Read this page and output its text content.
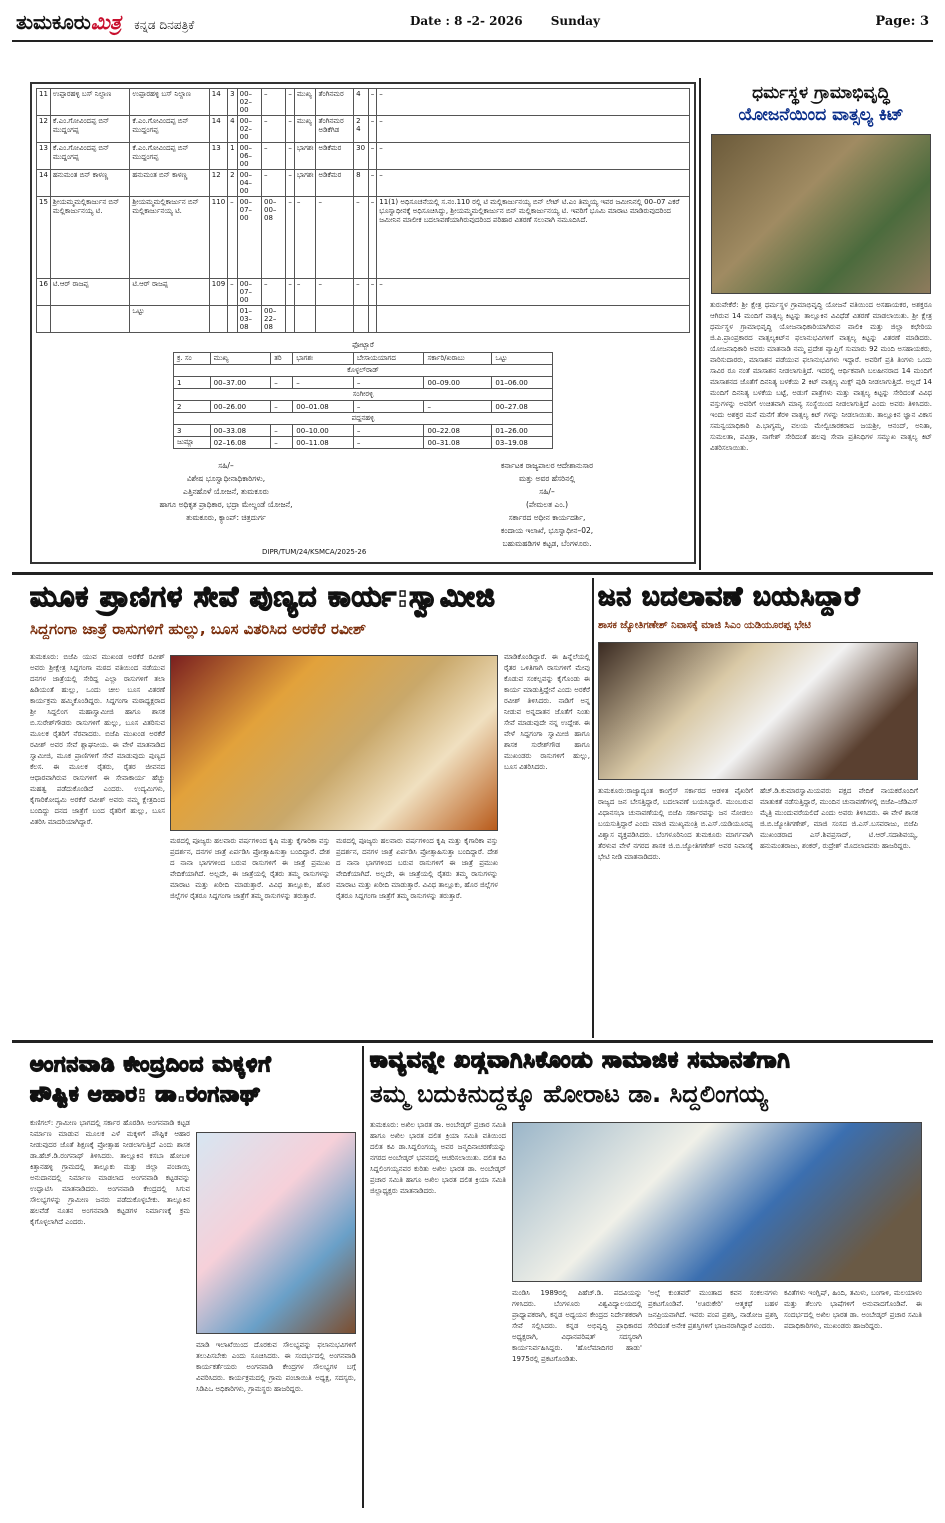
ತುಮಕೂರುಮಿತ್ರ ಕನ್ನಡ ದಿನಪತ್ರಿಕೆ	Date : 8 -2- 2026 Sunday	Page: 3
11	ಉಪ್ಪಾರಹಳ್ಳಿ ಬಸ್ ನಿಲ್ದಾಣ	ಉಪ್ಪಾರಹಳ್ಳಿ ಬಸ್ ನಿಲ್ದಾಣ	14	3	00–02–00	–	–	ಮುಖ್ಯ	ತೆಂಗಿನಮರ	4	–	–
12	ಕೆ.ಎಂ.ಗೋವಿಂದಪ್ಪ ಬಿನ್ ಮುದ್ದಂಗಪ್ಪ	ಕೆ.ಎಂ.ಗೋವಿಂದಪ್ಪ ಬಿನ್ ಮುದ್ದಂಗಪ್ಪ	14	4	00–02–00	–	–	ಮುಖ್ಯ	ತೆಂಗಿನಮರ ಅಡಿಕೆಗಿಡ	2 4	–	–
13	ಕೆ.ಎಂ.ಗೋವಿಂದಪ್ಪ ಬಿನ್ ಮುದ್ದಂಗಪ್ಪ	ಕೆ.ಎಂ.ಗೋವಿಂದಪ್ಪ ಬಿನ್ ಮುದ್ದಂಗಪ್ಪ	13	1	00–06–00	–	–	ಭಾಗಶಃ	ಅಡಿಕೆಮರ	30	–	–
14	ಹನುಮಂತ ಬಿನ್ ಕಾಳಣ್ಣ	ಹನುಮಂತ ಬಿನ್ ಕಾಳಣ್ಣ	12	2	00–04–00	–	–	ಭಾಗಶಃ	ಅಡಿಕೆಮರ	8	–	–
15	ಶ್ರೀಯಮ್ಮಮಲ್ಲಿಕಾರ್ಜುನ ಬಿನ್ ಮಲ್ಲಿಕಾರ್ಜುನಯ್ಯ ಟಿ.	ಶ್ರೀಯಮ್ಮಮಲ್ಲಿಕಾರ್ಜುನ ಬಿನ್ ಮಲ್ಲಿಕಾರ್ಜುನಯ್ಯ ಟಿ.	110	–	00–07–00	00–00–08	–	–	–	–	–	11(1) ಅಧಿಸೂಚನೆಯಲ್ಲಿ ಸ.ನಂ.110 ರಲ್ಲಿ ಟಿ ಮಲ್ಲಿಕಾರ್ಜುನಯ್ಯ ಬಿನ್ ಲೇಟ್ ಟಿ.ಎಂ ತಿಮ್ಮಯ್ಯ ಇವರ ಜಮೀನಿನಲ್ಲಿ 00–07 ಎಕರೆ ಭೂಸ್ವಾಧೀನಕ್ಕೆ ಅಧಿಸೂಚಿಸಿದ್ದು, ಶ್ರೀಯಮ್ಮಮಲ್ಲಿಕಾರ್ಜುನ ಬಿನ್ ಮಲ್ಲಿಕಾರ್ಜುನಯ್ಯ ಟಿ. ಇವರಿಗೆ ಭೂಮಿ ಮಾರಾಟ ಮಾಡಿರುವುದರಿಂದ ಜಮೀನಿನ ಮಾಲೀಕ ಬದಲಾವಣೆಯಾಗಿರುವುದರಿಂದ ಪರಿಹಾರ ವಿತರಣೆ ಸಲುವಾಗಿ ನಮೂದಿಸಿದೆ.
16	ಟಿ.ಆರ್ ರಾಜಪ್ಪ	ಟಿ.ಆರ್ ರಾಜಪ್ಪ	109	–	00–07–00	–	–	–	–	–	–	–
		ಒಟ್ಟು			01–03–08	00–22–08						
ಫೋಟ್ಬಾರೆ
ಕ್ರ. ಸಂ	ಮುಖ್ಯ	ತರಿ	ಭಾಗಶಃ	ಬೇಸಾಯಯಾಗದ	ಸರ್ಕಾರಿ/ಖರಾಬು	ಒಟ್ಟು
ಕೊಳ್ಳಲ್‌ರಾಡ್						
1	00–37.00	–	–	–	00–09.00	01–06.00
ಸಂಗೀರಳ್ಳಿ						
2	00–26.00	–	00–01.08	–	–	00–27.08
ಪದ್ದನಹಳ್ಳಿ						
3	00–33.08	–	00–10.00	–	00–22.08	01–26.00
ಜುಮ್ಲಾ	02–16.08	–	00–11.08	–	00–31.08	03–19.08
ಸಹಿ/–
ವಿಶೇಷ ಭೂಸ್ವಾಧೀನಾಧಿಕಾರಿಗಳು,
ಎತ್ತಿನಹೊಳೆ ಯೋಜನೆ, ತುಮಕೂರು
ಹಾಗೂ ಅಧಿಕೃತ ಪ್ರಾಧಿಕಾರ, ಭದ್ರಾ ಮೇಲ್ದಂಡೆ ಯೋಜನೆ,
ತುಮಕೂರು, ಕ್ಯಾಂಪ್: ಚಿತ್ರದುರ್ಗ
ಕರ್ನಾಟಕ ರಾಜ್ಯಪಾಲರ ಆದೇಶಾನುಸಾರ
ಮತ್ತು ಅವರ ಹೆಸರಿನಲ್ಲಿ
ಸಹಿ/–
(ಪೇಮಲತ ಎಂ.)
ಸರ್ಕಾರದ ಅಧೀನ ಕಾರ್ಯದರ್ಶಿ,
ಕಂದಾಯ ಇಲಾಖೆ, ಭೂಸ್ವಾಧೀನ–02,
ಬಹುಮಹಡಿಗಳ ಕಟ್ಟಡ, ಬೆಂಗಳೂರು.
DIPR/TUM/24/KSMCA/2025-26
ಧರ್ಮಸ್ಥಳ ಗ್ರಾಮಾಭಿವೃದ್ಧಿ
ಯೋಜನೆಯಿಂದ ವಾತ್ಸಲ್ಯ ಕಿಟ್
ತುರುವೇಕೆರೆ: ಶ್ರೀ ಕ್ಷೇತ್ರ ಧರ್ಮಸ್ಥಳ ಗ್ರಾಮಾಭಿವೃದ್ಧಿ ಯೋಜನೆ ವತಿಯಿಂದ ಅಸಹಾಯಕರ, ಅಶಕ್ತರೂ ಆಗಿರುವ 14 ಮಂದಿಗೆ ವಾತ್ಸಲ್ಯ ಕಿಟ್ಟನ್ನು ತಾಲ್ಲೂಕಿನ ವಿವಿಧೆಡೆ ವಿತರಣೆ ಮಾಡಲಾಯಿತು. ಶ್ರೀ ಕ್ಷೇತ್ರ ಧರ್ಮಸ್ಥಳ ಗ್ರಾಮಾಭಿವೃದ್ಧಿ ಯೋಜನಾಧಿಕಾರಿಯಾಗಿರುವ ವಾಲಿಕಿ ಮತ್ತು ಜಿಲ್ಲಾ ಕಛೇರಿಯ ಜಿ.ಪಿ.ಪ್ರಾಂಪ್ರಕಾರದ ವಾತ್ಸಲ್ಯಕಿಟ್‌ನ ಫಲಾನುಭವಿಗಳಿಗೆ ವಾತ್ಸಲ್ಯ ಕಿಟ್ಟನ್ನು ವಿತರಣೆ ಮಾಡಿದರು. ಯೋಜನಾಧಿಕಾರಿ ಅವರು ಮಾತನಾಡಿ ನಮ್ಮ ಪ್ರದೇಶ ವ್ಯಾಪ್ತಿಗೆ ಸುಮಾರು 92 ಮಂದಿ ಅಸಹಾಯಕರು, ವಾರಿಸುದಾರರು, ಮಾಸಾಶನ ಪಡೆಯುವ ಫಲಾನುಭವಿಗಳು ಇದ್ದಾರೆ. ಅವರಿಗೆ ಪ್ರತಿ ತಿಂಗಳು ಒಂದು ಸಾವಿರ ರೂ ನಂತೆ ಮಾಸಾಶನ ನೀಡಲಾಗುತ್ತಿದೆ. ಇದರಲ್ಲಿ ಆರ್ಥಿಕವಾಗಿ ಬಲಹೀನರಾದ 14 ಮಂದಿಗೆ ಮಾಸಾಶನದ ಜೊತೆಗೆ ದಿನನಿತ್ಯ ಬಳಕೆಯ 2 ಕಿಟ್ ವಾತ್ಸಲ್ಯ ಮಿಕ್ಸ್ ಪುಡಿ ನೀಡಲಾಗುತ್ತಿದೆ. ಅಲ್ಲದೆ 14 ಮಂದಿಗೆ ದಿನನಿತ್ಯ ಬಳಕೆಯ ಬಟ್ಟೆ, ಅಡುಗೆ ಪಾತ್ರೆಗಳು ಮತ್ತು ವಾತ್ಸಲ್ಯ ಕಿಟ್ಟನ್ನು ಸೇರಿದಂತೆ ವಿವಿಧ ವಸ್ತುಗಳನ್ನು ಅವರಿಗೆ ಉಚಿತವಾಗಿ ಮಾನ್ಯ ಸಂಸ್ಥೆಯಿಂದ ನೀಡಲಾಗುತ್ತಿದೆ ಎಂದು ಅವರು ತಿಳಿಸಿದರು. ಇಂದು ಅಶಕ್ತರ ಮನೆ ಮನೆಗೆ ತೆರಳಿ ವಾತ್ಸಲ್ಯ ಕಿಟ್ ಗಳನ್ನು ನೀಡಲಾಯಿತು. ತಾಲ್ಲೂಕಿನ ಜ್ಞಾನ ವಿಕಾಸ ಸಮನ್ವಯಾಧಿಕಾರಿ ಪಿ.ಭಾಗ್ಯಮ್ಮ, ವಲಯ ಮೇಲ್ವಿಚಾರಕರಾದ ಜಯಶ್ರೀ, ಆನಂದ್, ಅನಿತಾ, ಸುಮಲತಾ, ಪವಿತ್ರಾ, ನಾಗೇಶ್ ಸೇರಿದಂತೆ ಹಲವು ಸೇವಾ ಪ್ರತಿನಿಧಿಗಳ ಸಮ್ಮುಖ ವಾತ್ಸಲ್ಯ ಕಿಟ್ ವಿತರಿಸಲಾಯಿತು.
ಮೂಕ ಪ್ರಾಣಿಗಳ ಸೇವೆ ಪುಣ್ಯದ ಕಾರ್ಯ:ಸ್ವಾಮೀಜಿ
ಸಿದ್ದಗಂಗಾ ಜಾತ್ರೆ ರಾಸುಗಳಿಗೆ ಹುಲ್ಲು, ಬೂಸ ವಿತರಿಸಿದ ಅರಕೆರೆ ರವೀಶ್
ತುಮಕೂರು: ಬಿಜೆಪಿ ಯುವ ಮುಖಂಡ ಅರಕೆರೆ ರವೀಶ್ ಅವರು ಶ್ರೀಕ್ಷೇತ್ರ ಸಿದ್ದಗಂಗಾ ಮಠದ ವತಿಯಿಂದ ನಡೆಯುವ ದನಗಳ ಜಾತ್ರೆಯಲ್ಲಿ ಸೇರಿದ್ದ ಎಲ್ಲಾ ರಾಸುಗಳಿಗೆ ತಲಾ ಹಿಡಿಯಂತೆ ಹುಲ್ಲು, ಒಂದು ಚೀಲ ಬೂಸ ವಿತರಣೆ ಕಾರ್ಯಕ್ರಮ ಹಮ್ಮಿಕೊಂಡಿದ್ದರು. ಸಿದ್ದಗಂಗಾ ಮಠಾಧ್ಯಕ್ಷರಾದ ಶ್ರೀ ಸಿದ್ದಲಿಂಗ ಮಹಾಸ್ವಾಮೀಜಿ ಹಾಗೂ ಶಾಸಕ ಬಿ.ಸುರೇಶ್‌ಗೌಡರು ರಾಸುಗಳಿಗೆ ಹುಲ್ಲು, ಬೂಸ ವಿತರಿಸುವ ಮೂಲಕ ರೈತರಿಗೆ ನೆರವಾದರು. ಬಿಜೆಪಿ ಮುಖಂಡ ಅರಕೆರೆ ರವೀಶ್ ಅವರ ಸೇವೆ ಶ್ಲಾಘನೀಯ. ಈ ವೇಳೆ ಮಾತನಾಡಿದ ಸ್ವಾಮೀಜಿ, ಮೂಕ ಪ್ರಾಣಿಗಳಿಗೆ ಸೇವೆ ಮಾಡುವುದು ಪುಣ್ಯದ ಕೆಲಸ. ಈ ಮೂಲಕ ರೈತರು, ರೈತರ ಜೀವನದ ಆಧಾರವಾಗಿರುವ ರಾಸುಗಳಿಗೆ ಈ ಸೇವಾಕಾರ್ಯ ಹೆಚ್ಚು ಮಹತ್ವ ಪಡೆದುಕೊಂಡಿದೆ ಎಂದರು. ಉದ್ಯಮಿಗಳು, ಕೈಗಾರಿಕೋದ್ಯಮಿ ಅರಕೆರೆ ರವೀಶ್ ಅವರು ನಮ್ಮ ಕ್ಷೇತ್ರದಿಂದ ಬಂದಿದ್ದು ದನದ ಜಾತ್ರೆಗೆ ಬಂದ ರೈತರಿಗೆ ಹುಲ್ಲು, ಬೂಸ ವಿತರಿಸಿ ಮಾದರಿಯಾಗಿದ್ದಾರೆ.
ಮಠದಲ್ಲಿ ಪೂಜ್ಯರು ಹಲವಾರು ವರ್ಷಗಳಿಂದ ಕೃಷಿ ಮತ್ತು ಕೈಗಾರಿಕಾ ವಸ್ತು ಪ್ರದರ್ಶನ, ದನಗಳ ಜಾತ್ರೆ ಏರ್ಪಡಿಸಿ ಪ್ರೋತ್ಸಾಹಿಸುತ್ತಾ ಬಂದಿದ್ದಾರೆ. ದೇಶ ದ ನಾನಾ ಭಾಗಗಳಿಂದ ಬರುವ ರಾಸುಗಳಿಗೆ ಈ ಜಾತ್ರೆ ಪ್ರಮುಖ ವೇದಿಕೆಯಾಗಿದೆ. ಅಲ್ಲದೇ, ಈ ಜಾತ್ರೆಯಲ್ಲಿ ರೈತರು ತಮ್ಮ ರಾಸುಗಳನ್ನು ಮಾರಾಟ ಮತ್ತು ಖರೀದಿ ಮಾಡುತ್ತಾರೆ. ವಿವಿಧ ತಾಲ್ಲೂಕು, ಹೊರ ಜಿಲ್ಲೆಗಳ ರೈತರೂ ಸಿದ್ದಗಂಗಾ ಜಾತ್ರೆಗೆ ತಮ್ಮ ರಾಸುಗಳನ್ನು ತರುತ್ತಾರೆ.
ಮಠದಲ್ಲಿ ಪೂಜ್ಯರು ಹಲವಾರು ವರ್ಷಗಳಿಂದ ಕೃಷಿ ಮತ್ತು ಕೈಗಾರಿಕಾ ವಸ್ತು ಪ್ರದರ್ಶನ, ದನಗಳ ಜಾತ್ರೆ ಏರ್ಪಡಿಸಿ ಪ್ರೋತ್ಸಾಹಿಸುತ್ತಾ ಬಂದಿದ್ದಾರೆ. ದೇಶ ದ ನಾನಾ ಭಾಗಗಳಿಂದ ಬರುವ ರಾಸುಗಳಿಗೆ ಈ ಜಾತ್ರೆ ಪ್ರಮುಖ ವೇದಿಕೆಯಾಗಿದೆ. ಅಲ್ಲದೇ, ಈ ಜಾತ್ರೆಯಲ್ಲಿ ರೈತರು ತಮ್ಮ ರಾಸುಗಳನ್ನು ಮಾರಾಟ ಮತ್ತು ಖರೀದಿ ಮಾಡುತ್ತಾರೆ. ವಿವಿಧ ತಾಲ್ಲೂಕು, ಹೊರ ಜಿಲ್ಲೆಗಳ ರೈತರೂ ಸಿದ್ದಗಂಗಾ ಜಾತ್ರೆಗೆ ತಮ್ಮ ರಾಸುಗಳನ್ನು ತರುತ್ತಾರೆ.
ಮಾಡಿಕೊಂಡಿದ್ದಾರೆ. ಈ ಹಿನ್ನೆಲೆಯಲ್ಲಿ ರೈತರ ಒಳಿತಿಗಾಗಿ ರಾಸುಗಳಿಗೆ ಮೇವು ಕೊಡುವ ಸಂಕಲ್ಪವನ್ನು ಕೈಗೊಂಡು ಈ ಕಾರ್ಯ ಮಾಡುತ್ತಿದ್ದೇನೆ ಎಂದು ಅರಕೆರೆ ರವೀಶ್ ತಿಳಿಸಿದರು. ನಾಡಿಗೆ ಅನ್ನ ನೀಡುವ ಅನ್ನದಾತನ ಜೊತೆಗೆ ನಿಂತು ಸೇವೆ ಮಾಡುವುದೇ ನನ್ನ ಉದ್ದೇಶ. ಈ ವೇಳೆ ಸಿದ್ದಗಂಗಾ ಸ್ವಾಮೀಜಿ ಹಾಗೂ ಶಾಸಕ ಸುರೇಶ್‌ಗೌಡ ಹಾಗೂ ಮುಖಂಡರು ರಾಸುಗಳಿಗೆ ಹುಲ್ಲು, ಬೂಸ ವಿತರಿಸಿದರು.
ಜನ ಬದಲಾವಣೆ ಬಯಸಿದ್ದಾರೆ
ಶಾಸಕ ಜ್ಯೋತಿಗಣೇಶ್ ನಿವಾಸಕ್ಕೆ ಮಾಜಿ ಸಿಎಂ ಯಡಿಯೂರಪ್ಪ ಭೇಟಿ
ತುಮಕೂರು:ರಾಜ್ಯಾದ್ಯಂತ ಕಾಂಗ್ರೆಸ್ ಸರ್ಕಾರದ ಆಡಳಿತ ವೈಖರಿಗೆ ರಾಜ್ಯದ ಜನ ಬೇಸತ್ತಿದ್ದಾರೆ, ಬದಲಾವಣೆ ಬಯಸಿದ್ದಾರೆ. ಮುಂಬರುವ ವಿಧಾನಸಭಾ ಚುನಾವಣೆಯಲ್ಲಿ ಬಿಜೆಪಿ ಸರ್ಕಾರವನ್ನು ಜನ ನೋಡಲು ಬಯಸುತ್ತಿದ್ದಾರೆ ಎಂದು ಮಾಜಿ ಮುಖ್ಯಮಂತ್ರಿ ಬಿ.ಎಸ್.ಯಡಿಯೂರಪ್ಪ ವಿಶ್ವಾಸ ವ್ಯಕ್ತಪಡಿಸಿದರು. ಬೆಂಗಳೂರಿನಿಂದ ತುಮಕೂರು ಮಾರ್ಗವಾಗಿ ತೆರಳುವ ವೇಳೆ ನಗರದ ಶಾಸಕ ಜಿ.ಬಿ.ಜ್ಯೋತಿಗಣೇಶ್ ಅವರ ನಿವಾಸಕ್ಕೆ ಭೇಟಿ ನೀಡಿ ಮಾತನಾಡಿದರು.
ಹೆಚ್.ಡಿ.ಕುಮಾರಸ್ವಾಮಿಯವರು ಪಕ್ಷದ ವೇದಿಕೆ ನಾಯಕರೊಂದಿಗೆ ಮಾತುಕತೆ ನಡೆಸುತ್ತಿದ್ದಾರೆ, ಮುಂದಿನ ಚುನಾವಣೆಗಳಲ್ಲಿ ಬಿಜೆಪಿ–ಜೆಡಿಎಸ್ ಮೈತ್ರಿ ಮುಂದುವರೆಯಲಿದೆ ಎಂದು ಅವರು ತಿಳಿಸಿದರು. ಈ ವೇಳೆ ಶಾಸಕ ಜಿ.ಬಿ.ಜ್ಯೋತಿಗಣೇಶ್, ಮಾಜಿ ಸಂಸದ ಜಿ.ಎಸ್.ಬಸವರಾಜು, ಬಿಜೆಪಿ ಮುಖಂಡರಾದ ಎಸ್.ಶಿವಪ್ರಸಾದ್, ಟಿ.ಆರ್.ಸದಾಶಿವಯ್ಯ, ಹನುಮಂತರಾಜು, ಶಂಕರ್, ರುದ್ರೇಶ್ ಮೊದಲಾದವರು ಹಾಜರಿದ್ದರು.
ಅಂಗನವಾಡಿ ಕೇಂದ್ರದಿಂದ ಮಕ್ಕಳಿಗೆ
ಪೌಷ್ಟಿಕ ಆಹಾರ: ಡಾ.ರಂಗನಾಥ್
ಕುಣಿಗಲ್: ಗ್ರಾಮೀಣ ಭಾಗದಲ್ಲಿ ಸರ್ಕಾರ ಹೊರಡಿಸಿ ಅಂಗನವಾಡಿ ಕಟ್ಟಡ ನಿರ್ಮಾಣ ಮಾಡುವ ಮೂಲಕ ಎಳೆ ಮಕ್ಕಳಿಗೆ ಪೌಷ್ಟಿಕ ಆಹಾರ ನೀಡುವುದರ ಜೊತೆ ಶಿಕ್ಷಣಕ್ಕೆ ಪ್ರೋತ್ಸಾಹ ನೀಡಲಾಗುತ್ತಿದೆ ಎಂದು ಶಾಸಕ ಡಾ.ಹೆಚ್.ಡಿ.ರಂಗನಾಥ್ ತಿಳಿಸಿದರು. ತಾಲ್ಲೂಕಿನ ಕಸಬಾ ಹೋಬಳಿ ಕಿತ್ತಾನಹಳ್ಳಿ ಗ್ರಾಮದಲ್ಲಿ ತಾಲ್ಲೂಕು ಮತ್ತು ಜಿಲ್ಲಾ ಪಂಚಾಯ್ತಿ ಅನುದಾನದಲ್ಲಿ ನಿರ್ಮಾಣ ಮಾಡಲಾದ ಅಂಗನವಾಡಿ ಕಟ್ಟಡವನ್ನು ಉದ್ಘಾಟಿಸಿ ಮಾತನಾಡಿದರು. ಅಂಗನವಾಡಿ ಕೇಂದ್ರದಲ್ಲಿ ಸಿಗುವ ಸೌಲಭ್ಯಗಳನ್ನು ಗ್ರಾಮೀಣ ಜನರು ಪಡೆದುಕೊಳ್ಳಬೇಕು. ತಾಲ್ಲೂಕಿನ ಹಲವೆಡೆ ನೂತನ ಅಂಗನವಾಡಿ ಕಟ್ಟಡಗಳ ನಿರ್ಮಾಣಕ್ಕೆ ಕ್ರಮ ಕೈಗೊಳ್ಳಲಾಗಿದೆ ಎಂದರು.
ಮಾಡಿ ಇಲಾಖೆಯಿಂದ ದೊರಕುವ ಸೌಲಭ್ಯವನ್ನು ಫಲಾನುಭವಿಗಳಿಗೆ ತಲುಪಿಸಬೇಕು ಎಂದು ಸೂಚಿಸಿದರು. ಈ ಸಂದರ್ಭದಲ್ಲಿ ಅಂಗನವಾಡಿ ಕಾರ್ಯಕರ್ತೆಯರು ಅಂಗನವಾಡಿ ಕೇಂದ್ರಗಳ ಸೌಲಭ್ಯಗಳ ಬಗ್ಗೆ ವಿವರಿಸಿದರು. ಕಾರ್ಯಕ್ರಮದಲ್ಲಿ ಗ್ರಾಮ ಪಂಚಾಯಿತಿ ಅಧ್ಯಕ್ಷ, ಸದಸ್ಯರು, ಸಿಡಿಪಿಒ ಅಧಿಕಾರಿಗಳು, ಗ್ರಾಮಸ್ಥರು ಹಾಜರಿದ್ದರು.
ಕಾವ್ಯವನ್ನೇ ಖಡ್ಗವಾಗಿಸಿಕೊಂಡು ಸಾಮಾಜಿಕ ಸಮಾನತೆಗಾಗಿ
ತಮ್ಮ ಬದುಕಿನುದ್ದಕ್ಕೂ ಹೋರಾಟ ಡಾ. ಸಿದ್ದಲಿಂಗಯ್ಯ
ತುಮಕೂರು: ಅಖಿಲ ಭಾರತ ಡಾ. ಅಂಬೇಡ್ಕರ್ ಪ್ರಚಾರ ಸಮಿತಿ ಹಾಗೂ ಅಖಿಲ ಭಾರತ ದಲಿತ ಕ್ರಿಯಾ ಸಮಿತಿ ವತಿಯಿಂದ ದಲಿತ ಕವಿ ಡಾ.ಸಿದ್ದಲಿಂಗಯ್ಯ ಅವರ ಜನ್ಮದಿನಾಚರಣೆಯನ್ನು ನಗರದ ಅಂಬೇಡ್ಕರ್ ಭವನದಲ್ಲಿ ಆಚರಿಸಲಾಯಿತು. ದಲಿತ ಕವಿ ಸಿದ್ದಲಿಂಗಯ್ಯನವರ ಕುರಿತು ಅಖಿಲ ಭಾರತ ಡಾ. ಅಂಬೇಡ್ಕರ್ ಪ್ರಚಾರ ಸಮಿತಿ ಹಾಗೂ ಅಖಿಲ ಭಾರತ ದಲಿತ ಕ್ರಿಯಾ ಸಮಿತಿ ಜಿಲ್ಲಾಧ್ಯಕ್ಷರು ಮಾತನಾಡಿದರು.
ಮಂಡಿಸಿ 1989ರಲ್ಲಿ ಪಿಹೆಚ್.ಡಿ. ಪದವಿಯನ್ನು ಗಳಿಸಿದರು. ಬೆಂಗಳೂರು ವಿಶ್ವವಿದ್ಯಾಲಯದಲ್ಲಿ ಪ್ರಾಧ್ಯಾಪಕರಾಗಿ, ಕನ್ನಡ ಅಧ್ಯಯನ ಕೇಂದ್ರದ ನಿರ್ದೇಶಕರಾಗಿ ಸೇವೆ ಸಲ್ಲಿಸಿದರು. ಕನ್ನಡ ಅಭಿವೃದ್ಧಿ ಪ್ರಾಧಿಕಾರದ ಅಧ್ಯಕ್ಷರಾಗಿ, ವಿಧಾನಪರಿಷತ್ ಸದಸ್ಯರಾಗಿ ಕಾರ್ಯನಿರ್ವಹಿಸಿದ್ದರು. 'ಹೊಲೆಮಾದಿಗರ ಹಾಡು' 1975ರಲ್ಲಿ ಪ್ರಕಟಗೊಂಡಿತು.
'ಅಲ್ಲೆ ಕುಂತವರೆ' ಮುಂತಾದ ಕವನ ಸಂಕಲನಗಳು ಪ್ರಕಟಗೊಂಡಿವೆ. 'ಊರುಕೇರಿ' ಆತ್ಮಕಥೆ ಬಹಳ ಜನಪ್ರಿಯವಾಗಿದೆ. ಇವರು ಪಂಪ ಪ್ರಶಸ್ತಿ, ನಾಡೋಜ ಪ್ರಶಸ್ತಿ ಸೇರಿದಂತೆ ಅನೇಕ ಪ್ರಶಸ್ತಿಗಳಿಗೆ ಭಾಜನರಾಗಿದ್ದಾರೆ ಎಂದರು.
ಕವಿತೆಗಳು ಇಂಗ್ಲಿಷ್, ಹಿಂದಿ, ತಮಿಳು, ಬಂಗಾಳಿ, ಮಲಯಾಳಂ ಮತ್ತು ತೆಲುಗು ಭಾಷೆಗಳಿಗೆ ಅನುವಾದಗೊಂಡಿವೆ. ಈ ಸಂದರ್ಭದಲ್ಲಿ ಅಖಿಲ ಭಾರತ ಡಾ. ಅಂಬೇಡ್ಕರ್ ಪ್ರಚಾರ ಸಮಿತಿ ಪದಾಧಿಕಾರಿಗಳು, ಮುಖಂಡರು ಹಾಜರಿದ್ದರು.
